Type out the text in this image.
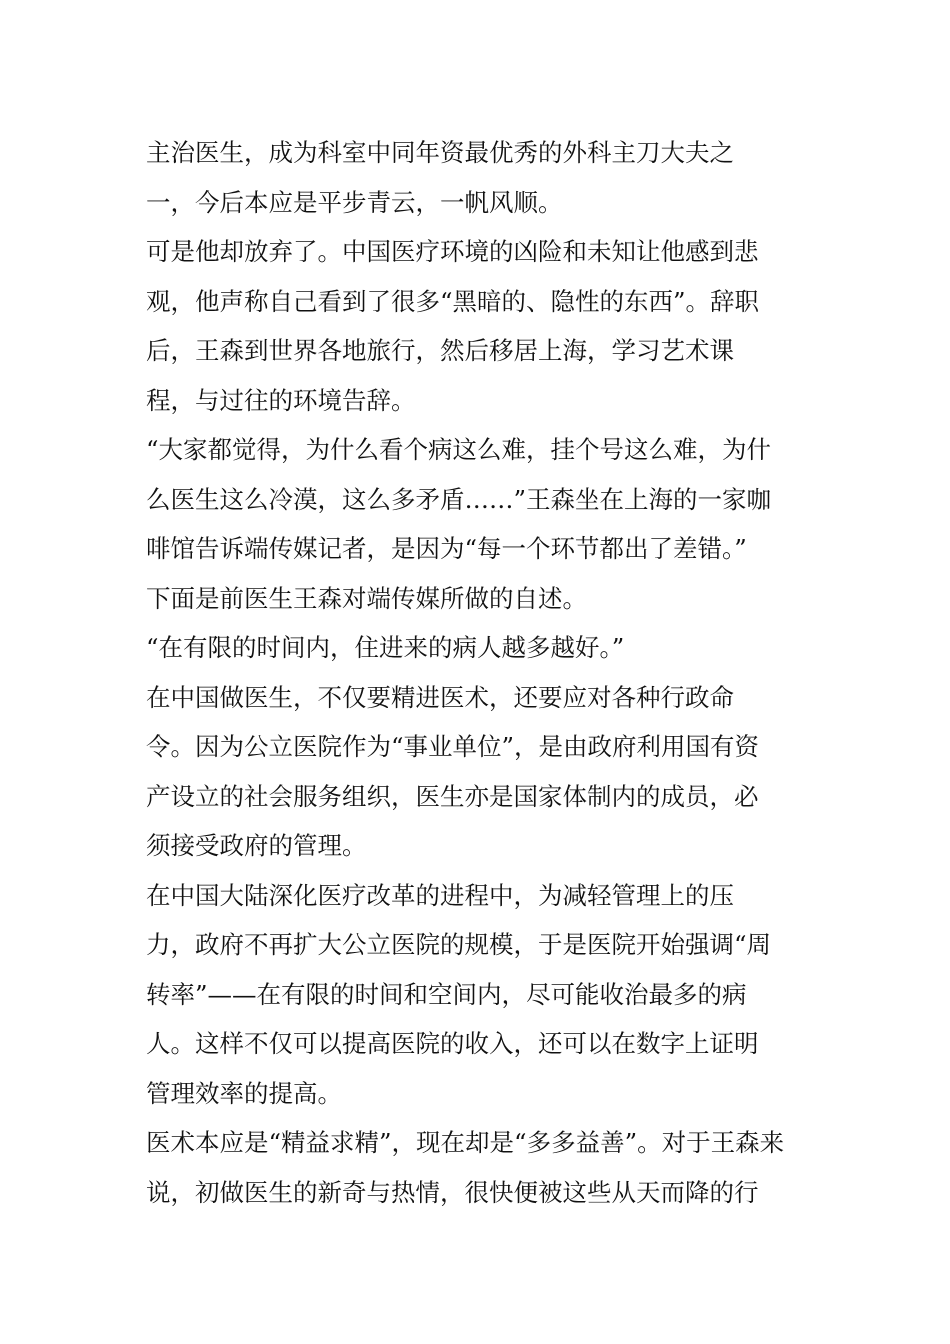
主治医生，成为科室中同年资最优秀的外科主刀大夫之
一，今后本应是平步青云，一帆风顺。
可是他却放弃了。中国医疗环境的凶险和未知让他感到悲
观，他声称自己看到了很多“黑暗的、隐性的东西”。辞职
后，王森到世界各地旅行，然后移居上海，学习艺术课
程，与过往的环境告辞。
“大家都觉得，为什么看个病这么难，挂个号这么难，为什
么医生这么冷漠，这么多矛盾……”王森坐在上海的一家咖
啡馆告诉端传媒记者，是因为“每一个环节都出了差错。”
下面是前医生王森对端传媒所做的自述。
“在有限的时间内，住进来的病人越多越好。”
在中国做医生，不仅要精进医术，还要应对各种行政命
令。因为公立医院作为“事业单位”，是由政府利用国有资
产设立的社会服务组织，医生亦是国家体制内的成员，必
须接受政府的管理。
在中国大陆深化医疗改革的进程中，为减轻管理上的压
力，政府不再扩大公立医院的规模，于是医院开始强调“周
转率”——在有限的时间和空间内，尽可能收治最多的病
人。这样不仅可以提高医院的收入，还可以在数字上证明
管理效率的提高。
医术本应是“精益求精”，现在却是“多多益善”。对于王森来
说，初做医生的新奇与热情，很快便被这些从天而降的行
